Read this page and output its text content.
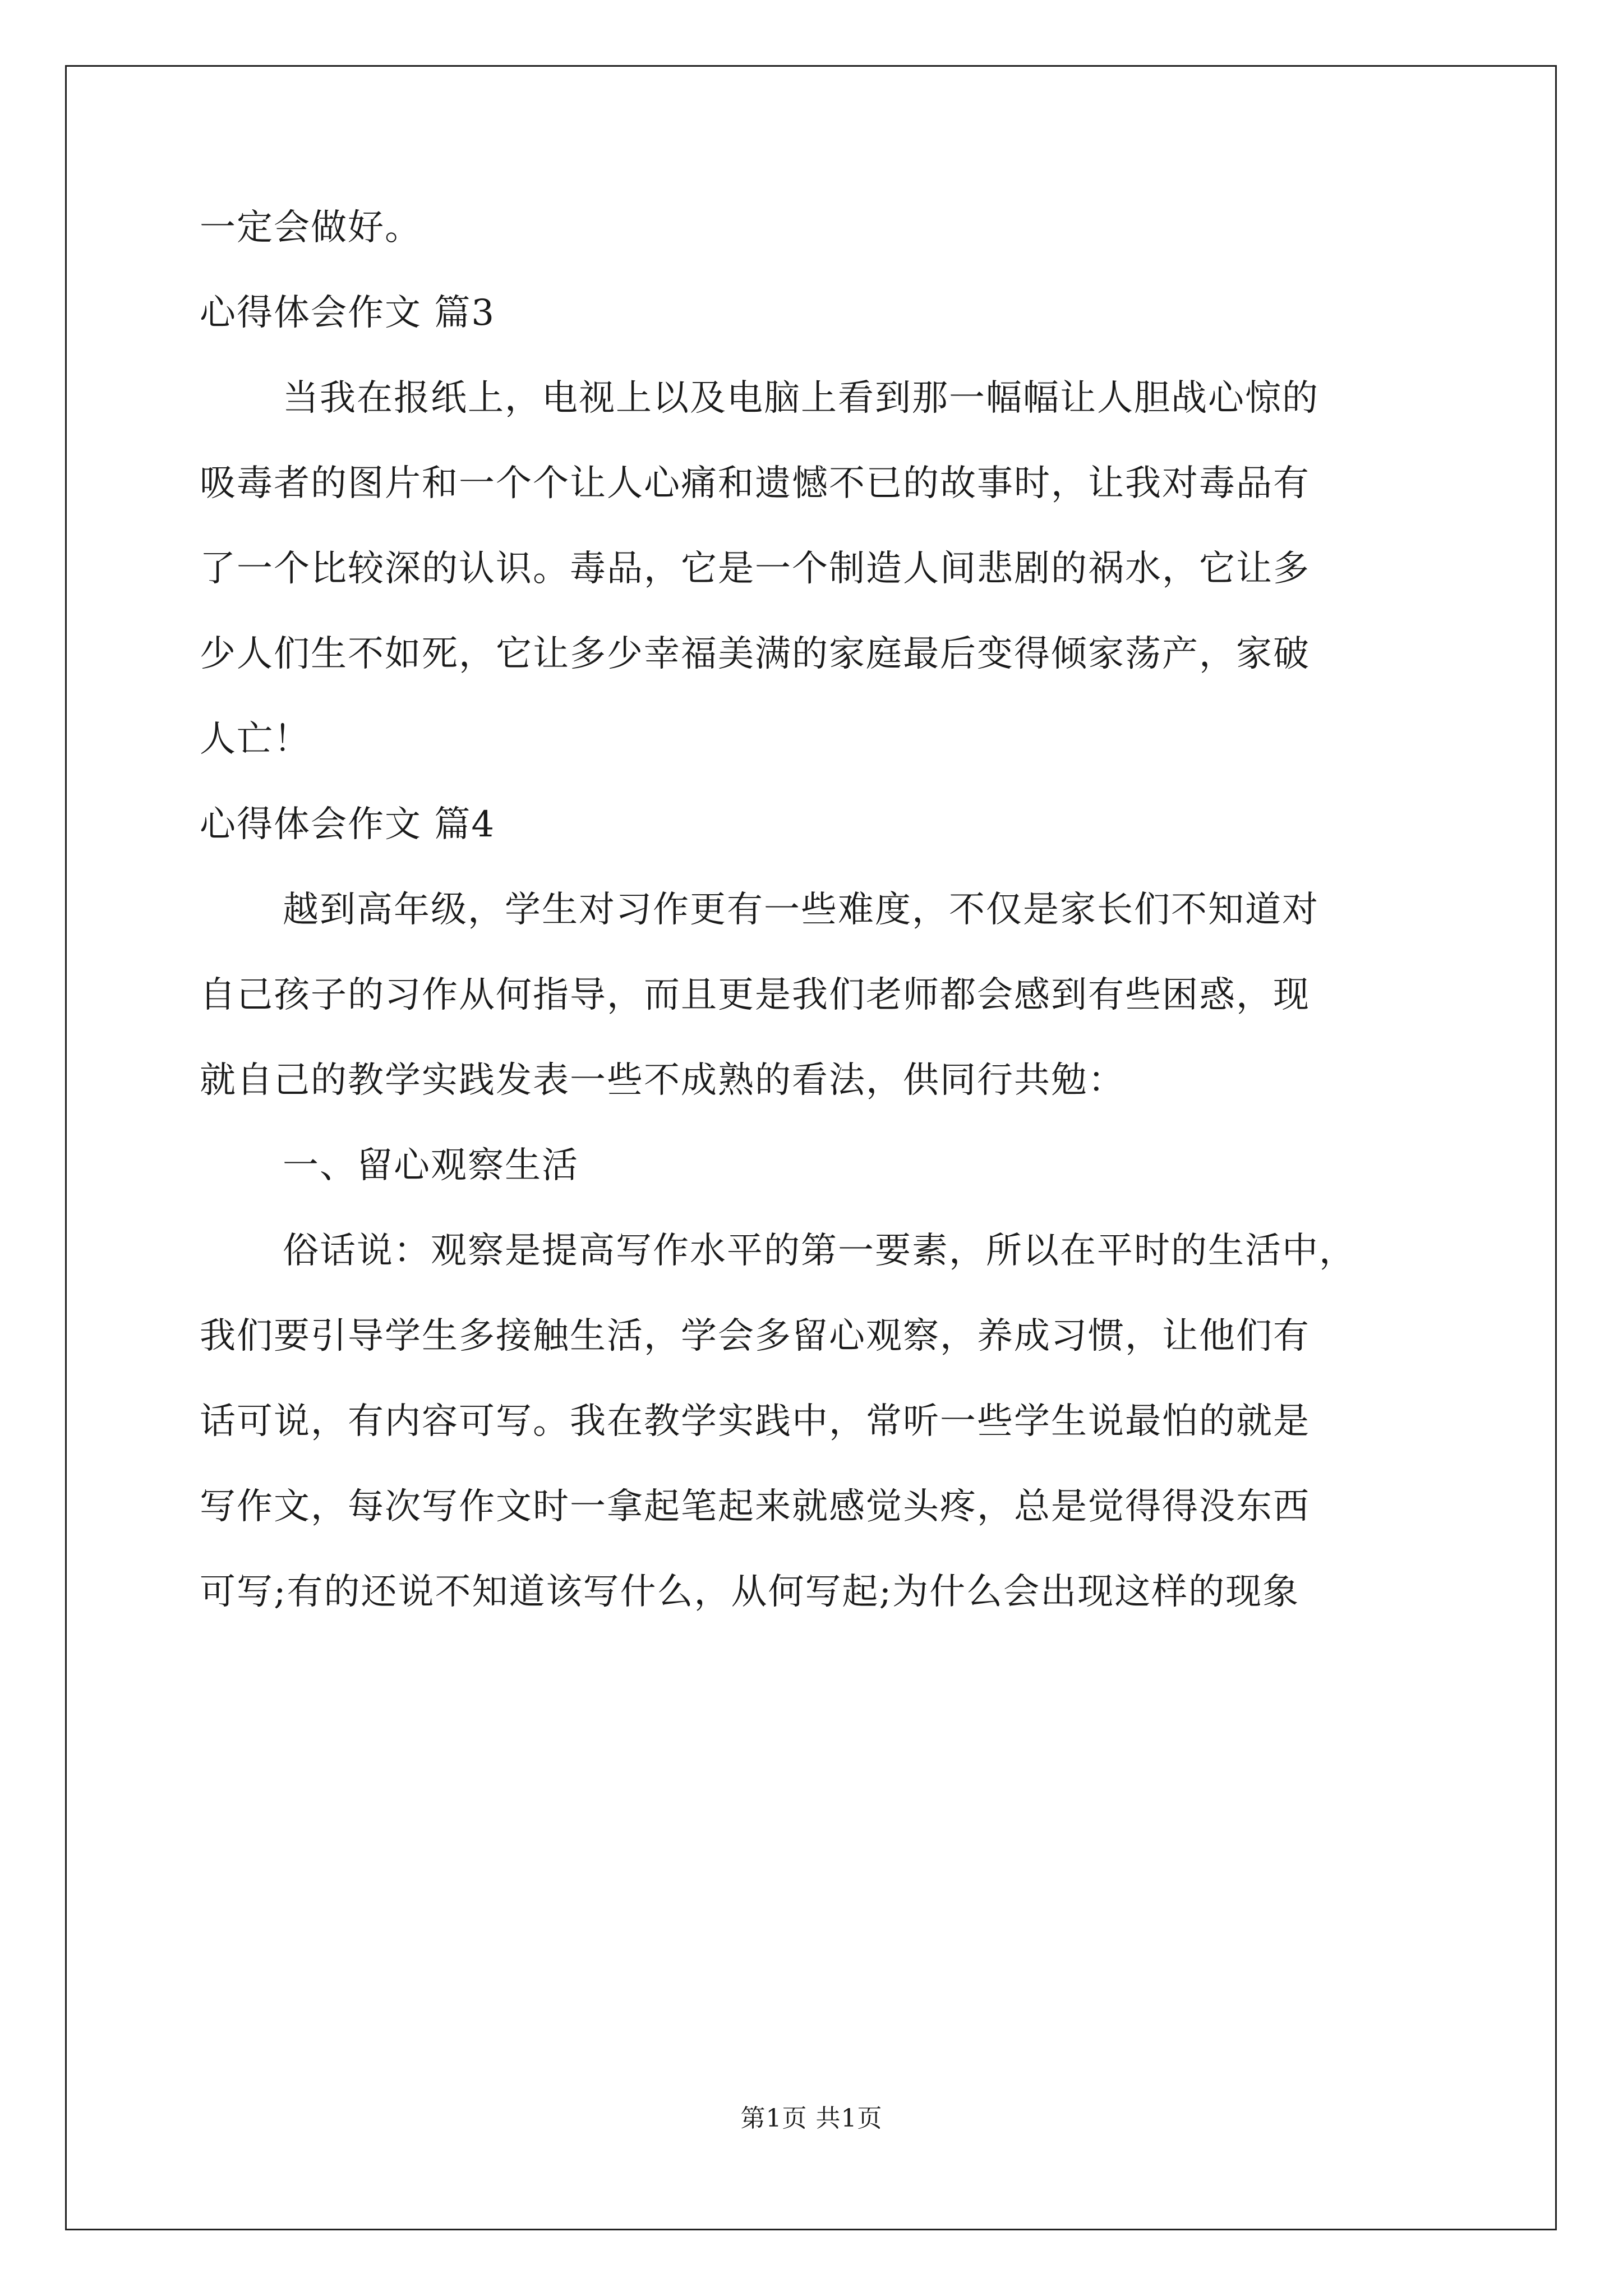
一定会做好。

心得体会作文 篇3

当我在报纸上，电视上以及电脑上看到那一幅幅让人胆战心惊的

吸毒者的图片和一个个让人心痛和遗憾不已的故事时，让我对毒品有

了一个比较深的认识。毒品，它是一个制造人间悲剧的祸水，它让多

少人们生不如死，它让多少幸福美满的家庭最后变得倾家荡产，家破

人亡！

心得体会作文 篇4

越到高年级，学生对习作更有一些难度，不仅是家长们不知道对

自己孩子的习作从何指导，而且更是我们老师都会感到有些困惑，现

就自己的教学实践发表一些不成熟的看法，供同行共勉：

一、留心观察生活

俗话说：观察是提高写作水平的第一要素，所以在平时的生活中，

我们要引导学生多接触生活，学会多留心观察，养成习惯，让他们有

话可说，有内容可写。我在教学实践中，常听一些学生说最怕的就是

写作文，每次写作文时一拿起笔起来就感觉头疼，总是觉得得没东西

可写;有的还说不知道该写什么，从何写起;为什么会出现这样的现象

第1页 共1页
